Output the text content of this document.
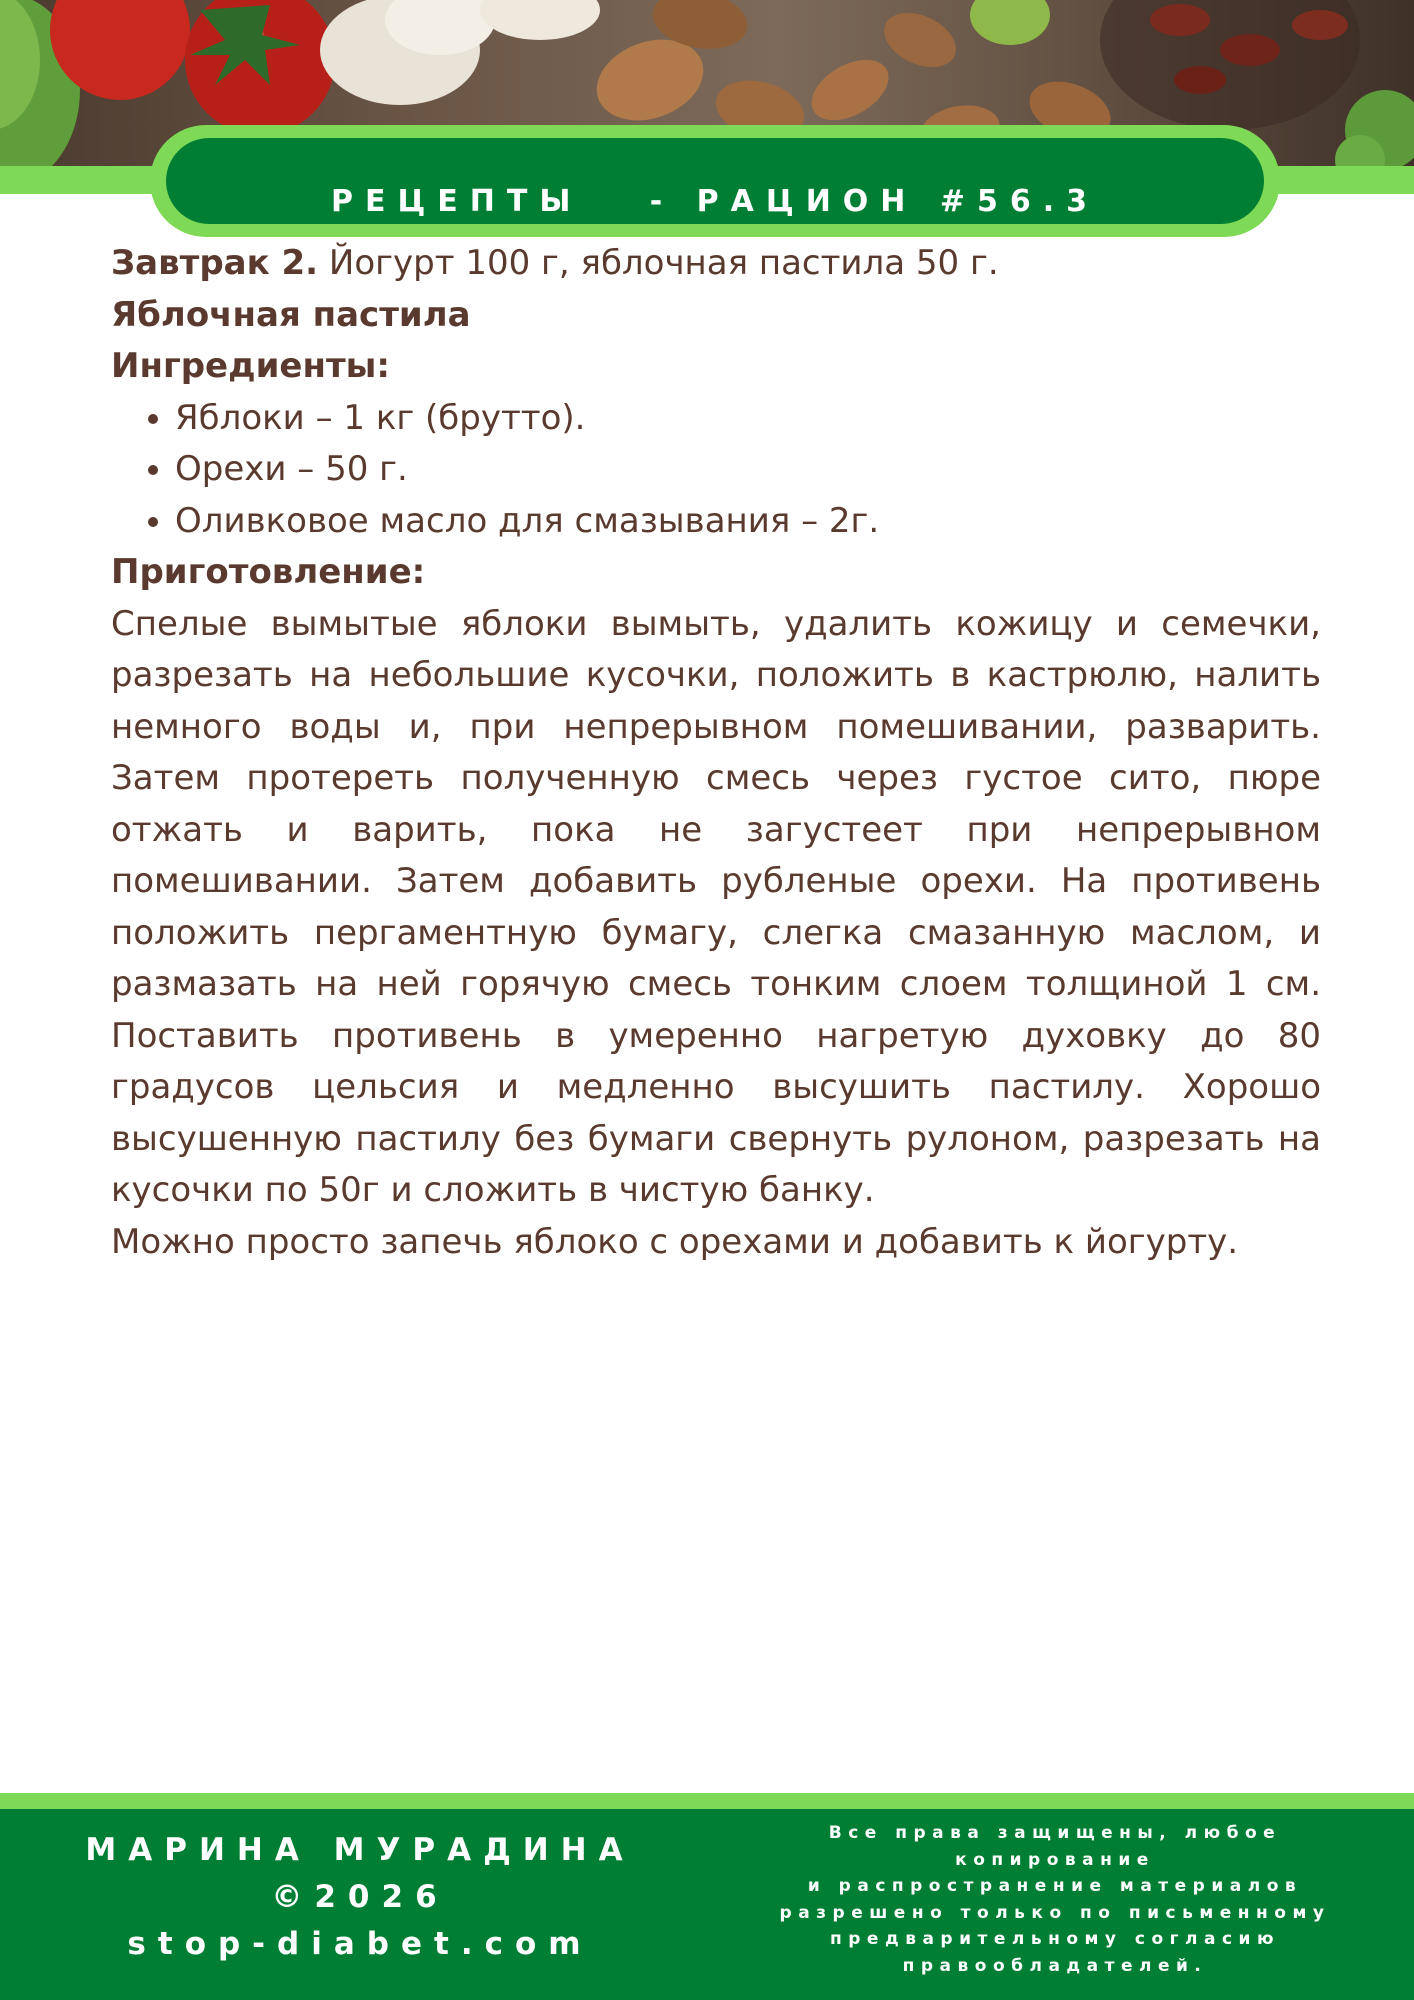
РЕЦЕПТЫ   - РАЦИОН #56.3

Завтрак 2. Йогурт 100 г, яблочная пастила 50 г.

Яблочная пастила

Ингредиенты:

• Яблоки – 1 кг (брутто).
• Орехи – 50 г.
• Оливковое масло для смазывания – 2г.

Приготовление:

Спелые вымытые яблоки вымыть, удалить кожицу и семечки, разрезать на небольшие кусочки, положить в кастрюлю, налить немного воды и, при непрерывном помешивании, разварить. Затем протереть полученную смесь через густое сито, пюре отжать и варить, пока не загустеет при непрерывном помешивании. Затем добавить рубленые орехи. На противень положить пергаментную бумагу, слегка смазанную маслом, и размазать на ней горячую смесь тонким слоем толщиной 1 см. Поставить противень в умеренно нагретую духовку до 80 градусов цельсия и медленно высушить пастилу. Хорошо высушенную пастилу без бумаги свернуть рулоном, разрезать на кусочки по 50г и сложить в чистую банку.

Можно просто запечь яблоко с орехами и добавить к йогурту.

МАРИНА МУРАДИНА
©2026
stop-diabet.com
Все права защищены, любое
копирование
и распространение материалов
разрешено только по письменному
предварительному согласию
правообладателей.
